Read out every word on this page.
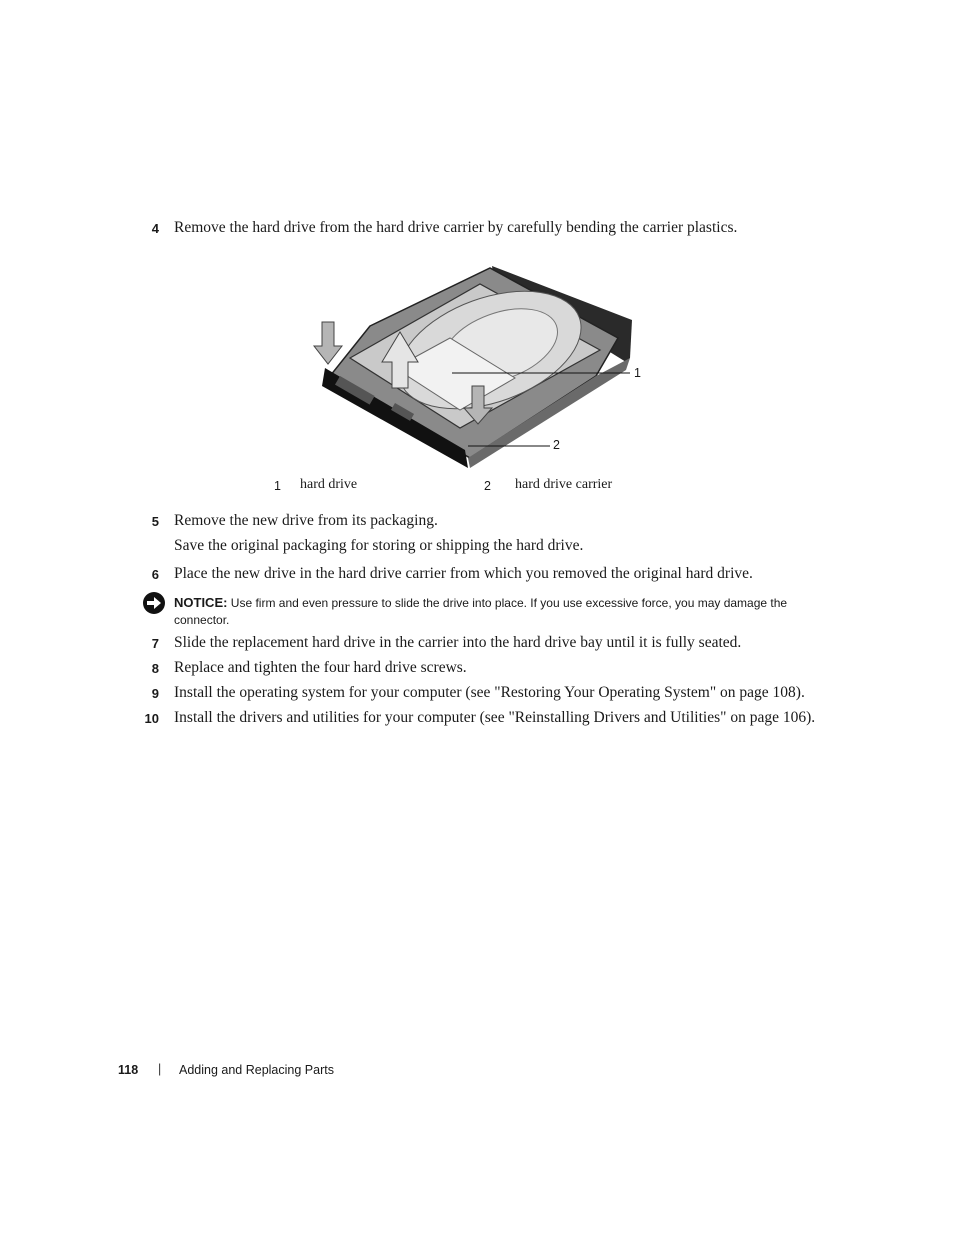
4 Remove the hard drive from the hard drive carrier by carefully bending the carrier plastics.
1
2
1 hard drive	2 hard drive carrier
5 Remove the new drive from its packaging.
Save the original packaging for storing or shipping the hard drive.
6 Place the new drive in the hard drive carrier from which you removed the original hard drive.
NOTICE: Use firm and even pressure to slide the drive into place. If you use excessive force, you may damage the connector.
7 Slide the replacement hard drive in the carrier into the hard drive bay until it is fully seated.
8 Replace and tighten the four hard drive screws.
9 Install the operating system for your computer (see "Restoring Your Operating System" on page 108).
10 Install the drivers and utilities for your computer (see "Reinstalling Drivers and Utilities" on page 106).
118 | Adding and Replacing Parts
